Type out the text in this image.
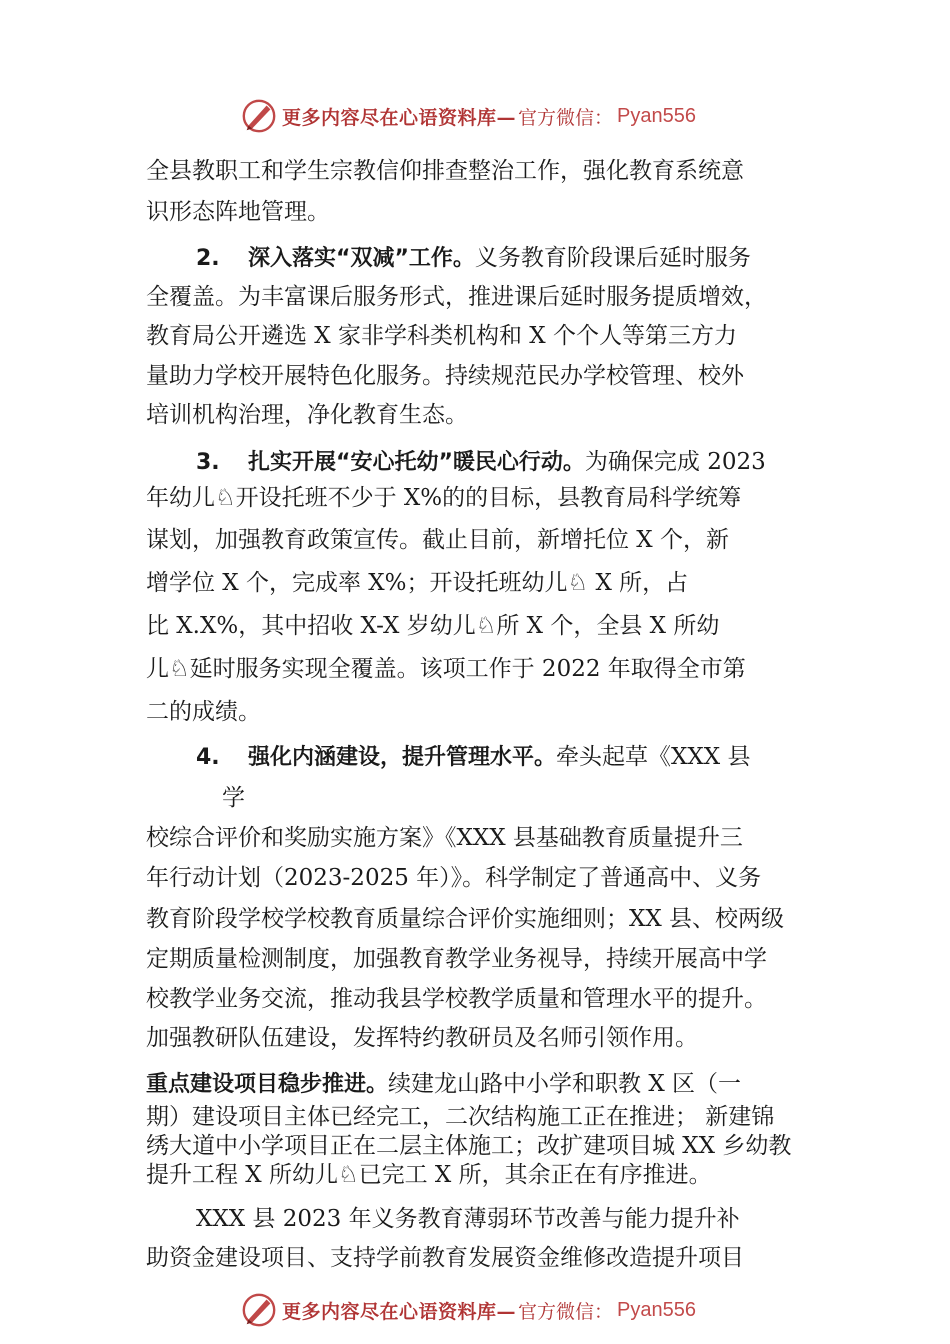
更多内容尽在心语资料库— 官方微信： Pyan556

全县教职工和学生宗教信仰排查整治工作，强化教育系统意

识形态阵地管理。

2. 深入落实“双减”工作。义务教育阶段课后延时服务

全覆盖。为丰富课后服务形式，推进课后延时服务提质增效，

教育局公开遴选 X 家非学科类机构和 X 个个人等第三方力

量助力学校开展特色化服务。持续规范民办学校管理、校外

培训机构治理，净化教育生态。

3. 扎实开展“安心托幼”暖民心行动。为确保完成 2023

年幼儿♘开设托班不少于 X%的的目标，县教育局科学统筹

谋划，加强教育政策宣传。截止目前，新增托位 X 个，新

增学位 X 个，完成率 X%；开设托班幼儿♘ X 所，占

比 X.X%，其中招收 X-X 岁幼儿♘所 X 个，全县 X 所幼

儿♘延时服务实现全覆盖。该项工作于 2022 年取得全市第

二的成绩。

4. 强化内涵建设，提升管理水平。牵头起草《XXX 县

学

校综合评价和奖励实施方案》《XXX 县基础教育质量提升三

年行动计划（2023-2025 年）》。科学制定了普通高中、义务

教育阶段学校学校教育质量综合评价实施细则；XX 县、校两级

定期质量检测制度，加强教育教学业务视导，持续开展高中学

校教学业务交流，推动我县学校教学质量和管理水平的提升。

加强教研队伍建设，发挥特约教研员及名师引领作用。

重点建设项目稳步推进。续建龙山路中小学和职教 X 区（一

期）建设项目主体已经完工，二次结构施工正在推进； 新建锦

绣大道中小学项目正在二层主体施工；改扩建项目城 XX 乡幼教

提升工程 X 所幼儿♘已完工 X 所，其余正在有序推进。

XXX 县 2023 年义务教育薄弱环节改善与能力提升补

助资金建设项目、支持学前教育发展资金维修改造提升项目

更多内容尽在心语资料库— 官方微信： Pyan556
